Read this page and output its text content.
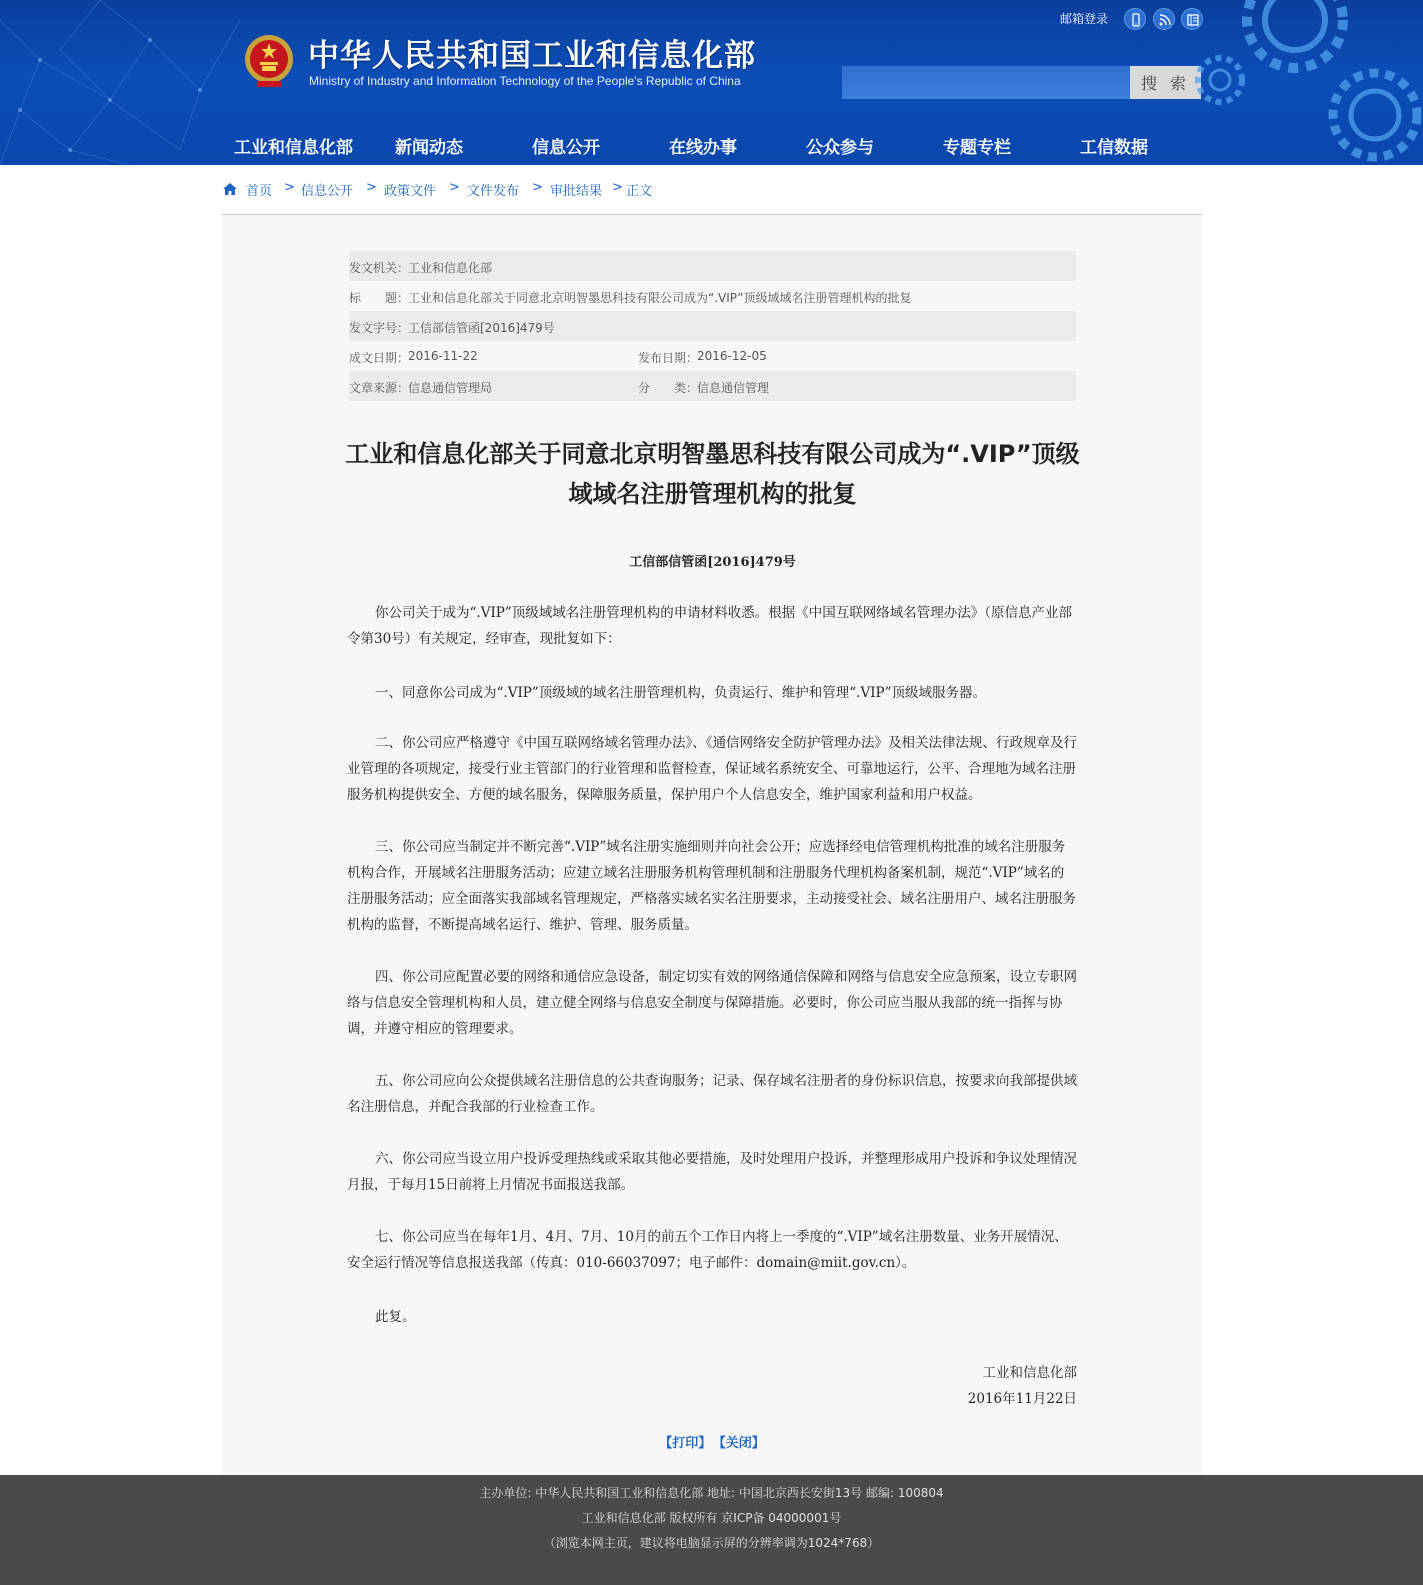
中华人民共和国工业和信息化部
Ministry of Industry and Information Technology of the People's Republic of China
邮箱登录
搜 索
工业和信息化部 新闻动态	信息公开	在线办事	公众参与	专题专栏	工信数据
首页 > 信息公开 > 政策文件 > 文件发布 > 审批结果 > 正文
发文机关：
工业和信息化部
标　　题：
工业和信息化部关于同意北京明智墨思科技有限公司成为“.VIP”顶级域域名注册管理机构的批复
发文字号：
工信部信管函[2016]479号
成文日期：
2016-11-22	发布日期：
2016-12-05
文章来源：
信息通信管理局	分　　类：
信息通信管理
工业和信息化部关于同意北京明智墨思科技有限公司成为“.VIP”顶级域域名注册管理机构的批复
工信部信管函[2016]479号
你公司关于成为“.VIP”顶级域域名注册管理机构的申请材料收悉。根据《中国互联网络域名管理办法》（原信息产业部令第30号）有关规定，经审查，现批复如下：
一、同意你公司成为“.VIP”顶级域的域名注册管理机构，负责运行、维护和管理“.VIP”顶级域服务器。
二、你公司应严格遵守《中国互联网络域名管理办法》、《通信网络安全防护管理办法》及相关法律法规、行政规章及行业管理的各项规定，接受行业主管部门的行业管理和监督检查，保证域名系统安全、可靠地运行，公平、合理地为域名注册服务机构提供安全、方便的域名服务，保障服务质量，保护用户个人信息安全，维护国家利益和用户权益。
三、你公司应当制定并不断完善“.VIP”域名注册实施细则并向社会公开；应选择经电信管理机构批准的域名注册服务机构合作，开展域名注册服务活动；应建立域名注册服务机构管理机制和注册服务代理机构备案机制，规范“.VIP”域名的注册服务活动；应全面落实我部域名管理规定，严格落实域名实名注册要求，主动接受社会、域名注册用户、域名注册服务机构的监督，不断提高域名运行、维护、管理、服务质量。
四、你公司应配置必要的网络和通信应急设备，制定切实有效的网络通信保障和网络与信息安全应急预案，设立专职网络与信息安全管理机构和人员，建立健全网络与信息安全制度与保障措施。必要时，你公司应当服从我部的统一指挥与协调，并遵守相应的管理要求。
五、你公司应向公众提供域名注册信息的公共查询服务；记录、保存域名注册者的身份标识信息，按要求向我部提供域名注册信息，并配合我部的行业检查工作。
六、你公司应当设立用户投诉受理热线或采取其他必要措施，及时处理用户投诉，并整理形成用户投诉和争议处理情况月报，于每月15日前将上月情况书面报送我部。
七、你公司应当在每年1月、4月、7月、10月的前五个工作日内将上一季度的“.VIP”域名注册数量、业务开展情况、安全运行情况等信息报送我部（传真：010-66037097；电子邮件：domain@miit.gov.cn）。
此复。
工业和信息化部
2016年11月22日
【打印】 【关闭】
主办单位: 中华人民共和国工业和信息化部 地址: 中国北京西长安街13号 邮编: 100804
工业和信息化部 版权所有 京ICP备 04000001号
（浏览本网主页，建议将电脑显示屏的分辨率调为1024*768）
